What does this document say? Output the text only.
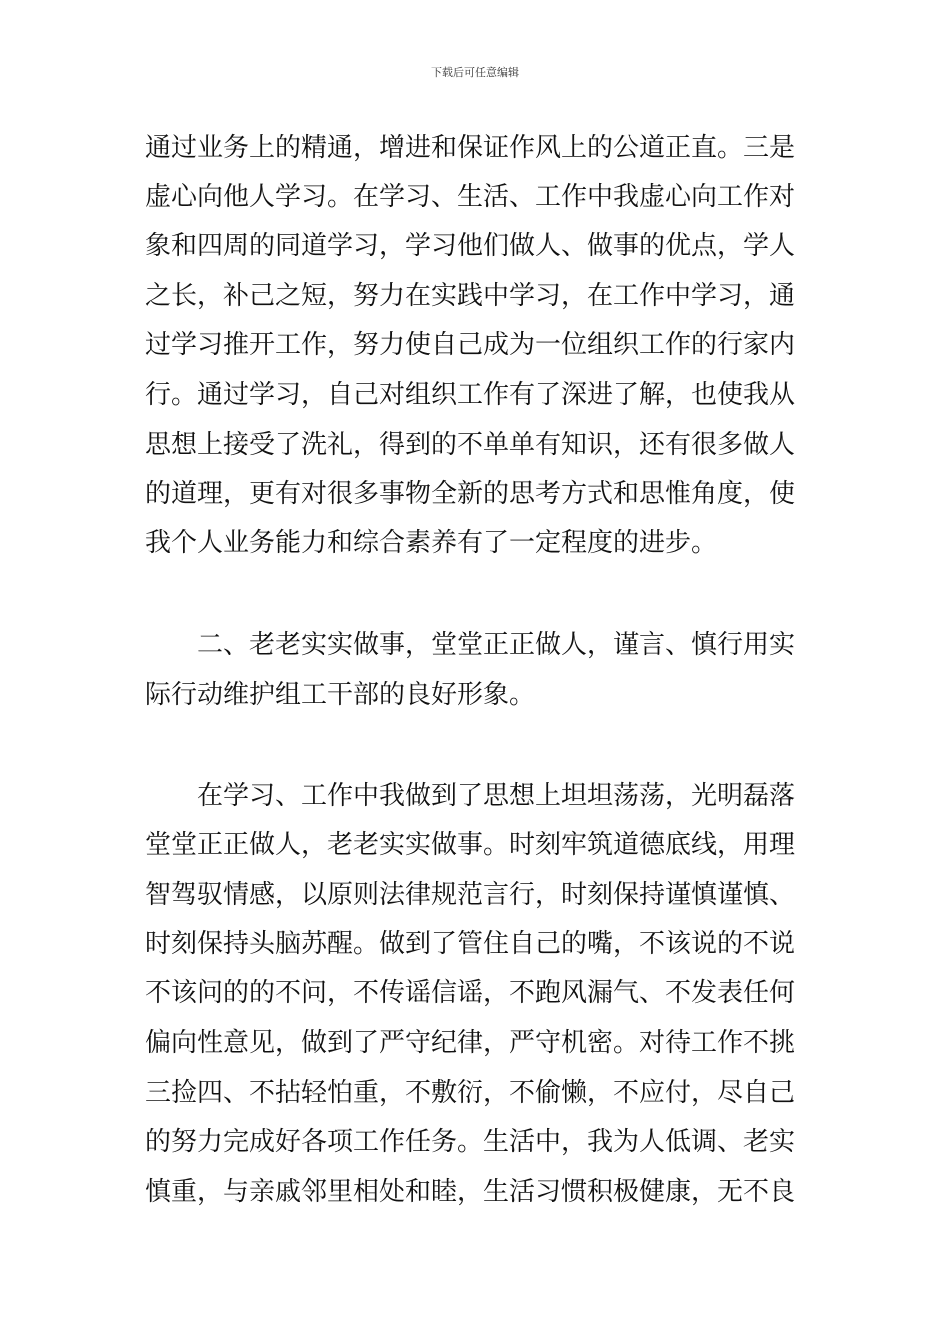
下载后可任意编辑
通过业务上的精通，增进和保证作风上的公道正直。三是
虚心向他人学习。在学习、生活、工作中我虚心向工作对
象和四周的同道学习，学习他们做人、做事的优点，学人
之长，补己之短，努力在实践中学习，在工作中学习，通
过学习推开工作，努力使自己成为一位组织工作的行家内
行。通过学习，自己对组织工作有了深进了解，也使我从
思想上接受了洗礼，得到的不单单有知识，还有很多做人
的道理，更有对很多事物全新的思考方式和思惟角度，使
我个人业务能力和综合素养有了一定程度的进步。
二、老老实实做事，堂堂正正做人，谨言、慎行用实
际行动维护组工干部的良好形象。
在学习、工作中我做到了思想上坦坦荡荡，光明磊落
堂堂正正做人，老老实实做事。时刻牢筑道德底线，用理
智驾驭情感，以原则法律规范言行，时刻保持谨慎谨慎、
时刻保持头脑苏醒。做到了管住自己的嘴，不该说的不说
不该问的的不问，不传谣信谣，不跑风漏气、不发表任何
偏向性意见，做到了严守纪律，严守机密。对待工作不挑
三捡四、不拈轻怕重，不敷衍，不偷懒，不应付，尽自己
的努力完成好各项工作任务。生活中，我为人低调、老实
慎重，与亲戚邻里相处和睦，生活习惯积极健康，无不良
